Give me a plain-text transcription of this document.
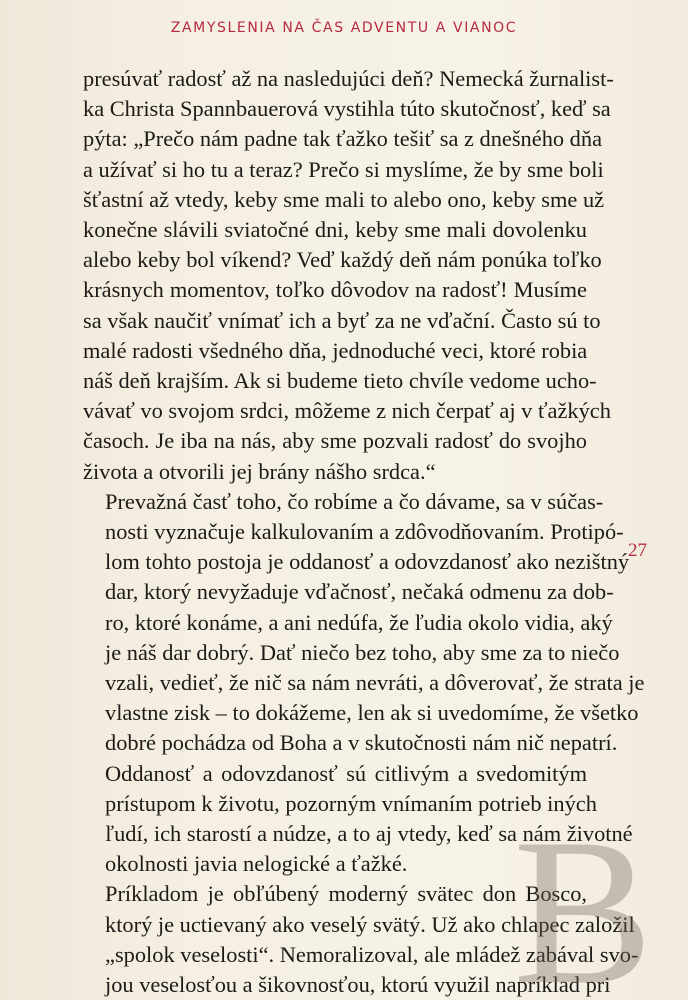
ZAMYSLENIA NA ČAS ADVENTU A VIANOC

presúvať radosť až na nasledujúci deň? Nemecká žurnalist-
ka Christa Spannbauerová vystihla túto skutočnosť, keď sa
pýta: „Prečo nám padne tak ťažko tešiť sa z dnešného dňa
a užívať si ho tu a teraz? Prečo si myslíme, že by sme boli
šťastní až vtedy, keby sme mali to alebo ono, keby sme už
konečne slávili sviatočné dni, keby sme mali dovolenku
alebo keby bol víkend? Veď každý deň nám ponúka toľko
krásnych momentov, toľko dôvodov na radosť! Musíme
sa však naučiť vnímať ich a byť za ne vďační. Často sú to
malé radosti všedného dňa, jednoduché veci, ktoré robia
náš deň krajším. Ak si budeme tieto chvíle vedome ucho-
vávať vo svojom srdci, môžeme z nich čerpať aj v ťažkých
časoch. Je iba na nás, aby sme pozvali radosť do svojho
života a otvorili jej brány nášho srdca.“

Prevažná časť toho, čo robíme a čo dávame, sa v súčas-
nosti vyznačuje kalkulovaním a zdôvodňovaním. Protipó-
lom tohto postoja je oddanosť a odovzdanosť ako nezištný
dar, ktorý nevyžaduje vďačnosť, nečaká odmenu za dob-
ro, ktoré konáme, a ani nedúfa, že ľudia okolo vidia, aký
je náš dar dobrý. Dať niečo bez toho, aby sme za to niečo
vzali, vedieť, že nič sa nám nevráti, a dôverovať, že strata je
vlastne zisk – to dokážeme, len ak si uvedomíme, že všetko
dobré pochádza od Boha a v skutočnosti nám nič nepatrí.

Oddanosť a odovzdanosť sú citlivým a svedomitým
prístupom k životu, pozorným vnímaním potrieb iných
ľudí, ich starostí a núdze, a to aj vtedy, keď sa nám životné
okolnosti javia nelogické a ťažké.

Príkladom je obľúbený moderný svätec don Bosco,
ktorý je uctievaný ako veselý svätý. Už ako chlapec založil
„spolok veselosti“. Nemoralizoval, ale mládež zabával svo-
jou veselosťou a šikovnosťou, ktorú využil napríklad pri

27
B
